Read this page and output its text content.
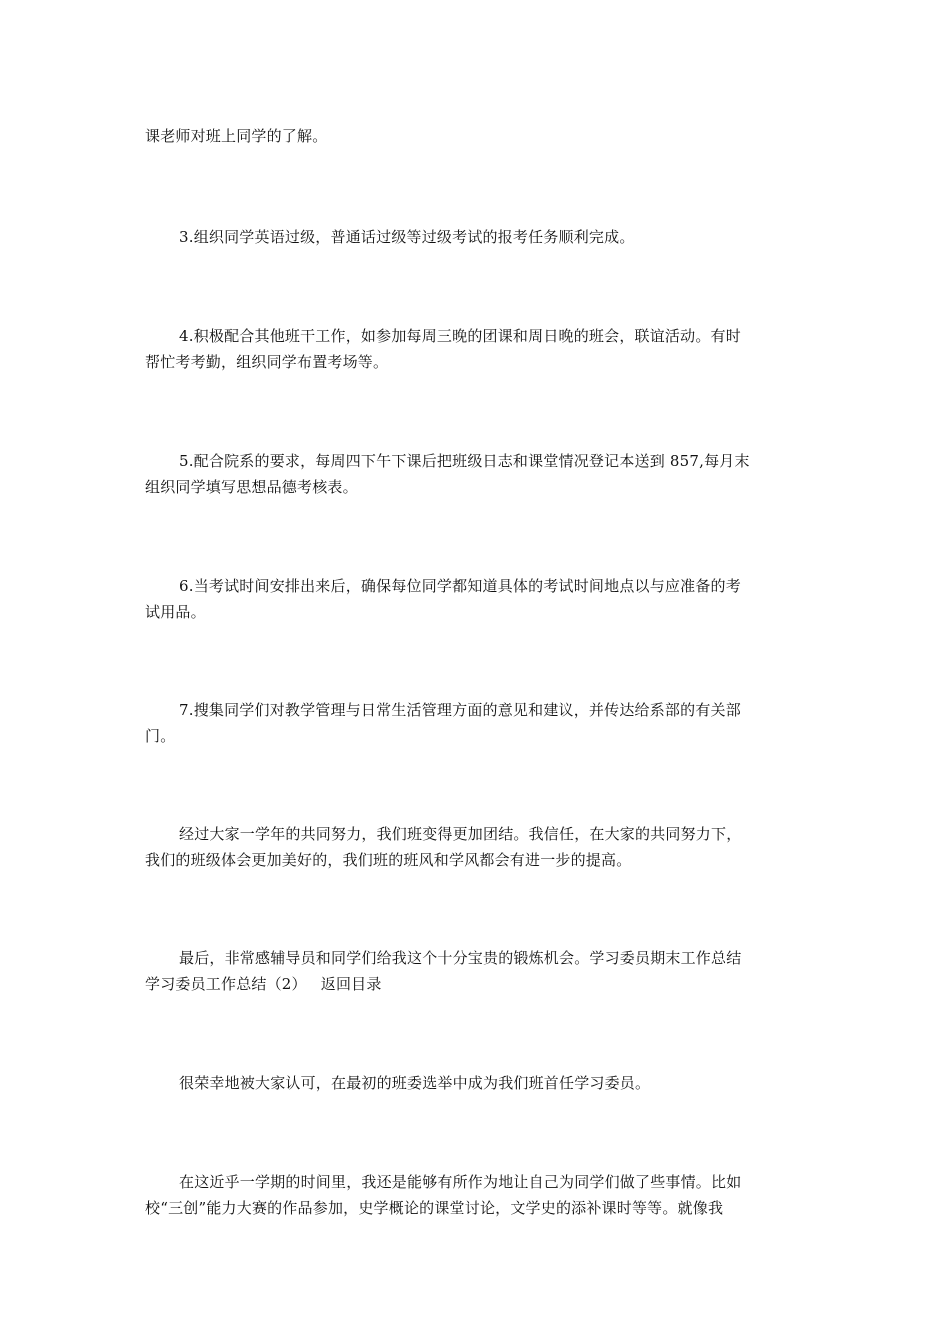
课老师对班上同学的了解。

3.组织同学英语过级，普通话过级等过级考试的报考任务顺利完成。

4.积极配合其他班干工作，如参加每周三晚的团课和周日晚的班会，联谊活动。有时
帮忙考考勤，组织同学布置考场等。

5.配合院系的要求，每周四下午下课后把班级日志和课堂情况登记本送到 857,每月末
组织同学填写思想品德考核表。

6.当考试时间安排出来后，确保每位同学都知道具体的考试时间地点以与应准备的考
试用品。

7.搜集同学们对教学管理与日常生活管理方面的意见和建议，并传达给系部的有关部
门。

经过大家一学年的共同努力，我们班变得更加团结。我信任，在大家的共同努力下，
我们的班级体会更加美好的，我们班的班风和学风都会有进一步的提高。

最后，非常感辅导员和同学们给我这个十分宝贵的锻炼机会。学习委员期末工作总结
学习委员工作总结（2） 返回目录

很荣幸地被大家认可，在最初的班委选举中成为我们班首任学习委员。

在这近乎一学期的时间里，我还是能够有所作为地让自己为同学们做了些事情。比如
校“三创”能力大赛的作品参加，史学概论的课堂讨论，文学史的添补课时等等。就像我
